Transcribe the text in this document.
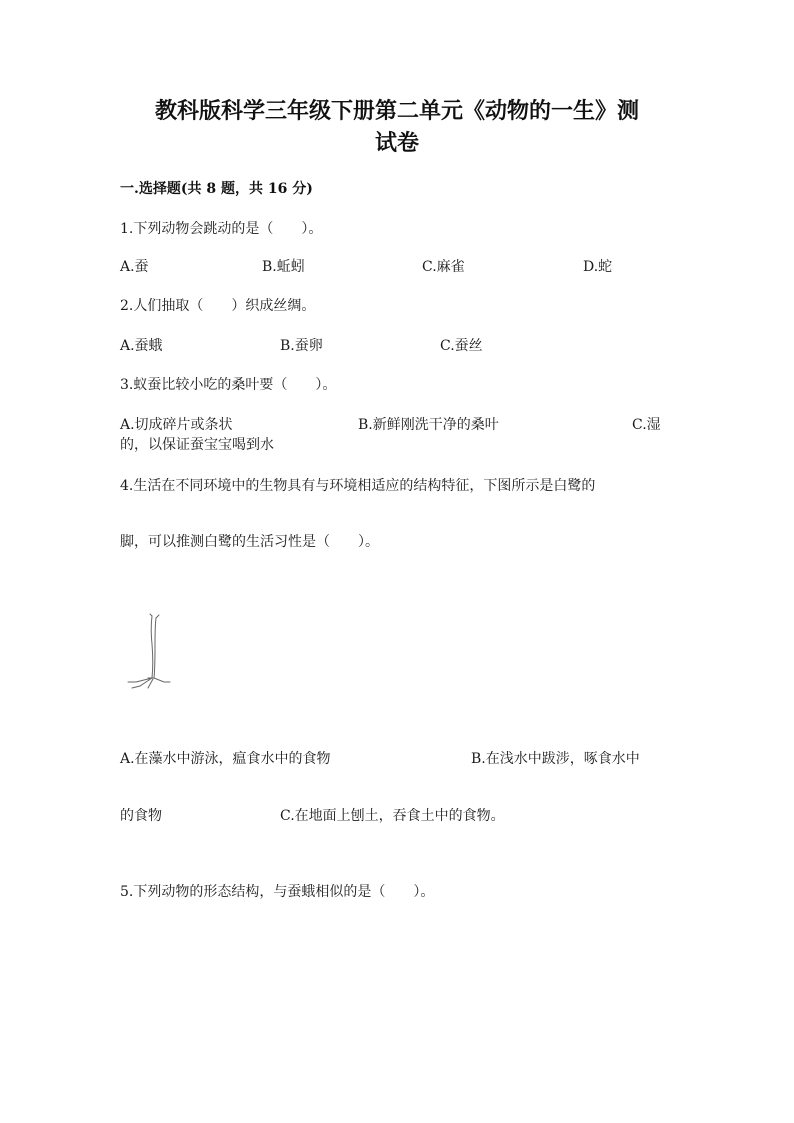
教科版科学三年级下册第二单元《动物的一生》测
试卷
一.选择题(共 8 题，共 16 分)
1.下列动物会跳动的是（　　）。
A.蚕	B.蚯蚓	C.麻雀	D.蛇
2.人们抽取（　　）织成丝绸。
A.蚕蛾	B.蚕卵	C.蚕丝
3.蚁蚕比较小吃的桑叶要（　　）。
A.切成碎片或条状	B.新鲜刚洗干净的桑叶	C.湿
的，以保证蚕宝宝喝到水
4.生活在不同环境中的生物具有与环境相适应的结构特征，下图所示是白鹭的
脚，可以推测白鹭的生活习性是（　　）。
A.在藻水中游泳，瘟食水中的食物	B.在浅水中跋涉，啄食水中
的食物	C.在地面上刨土，吞食土中的食物。
5.下列动物的形态结构，与蚕蛾相似的是（　　）。
